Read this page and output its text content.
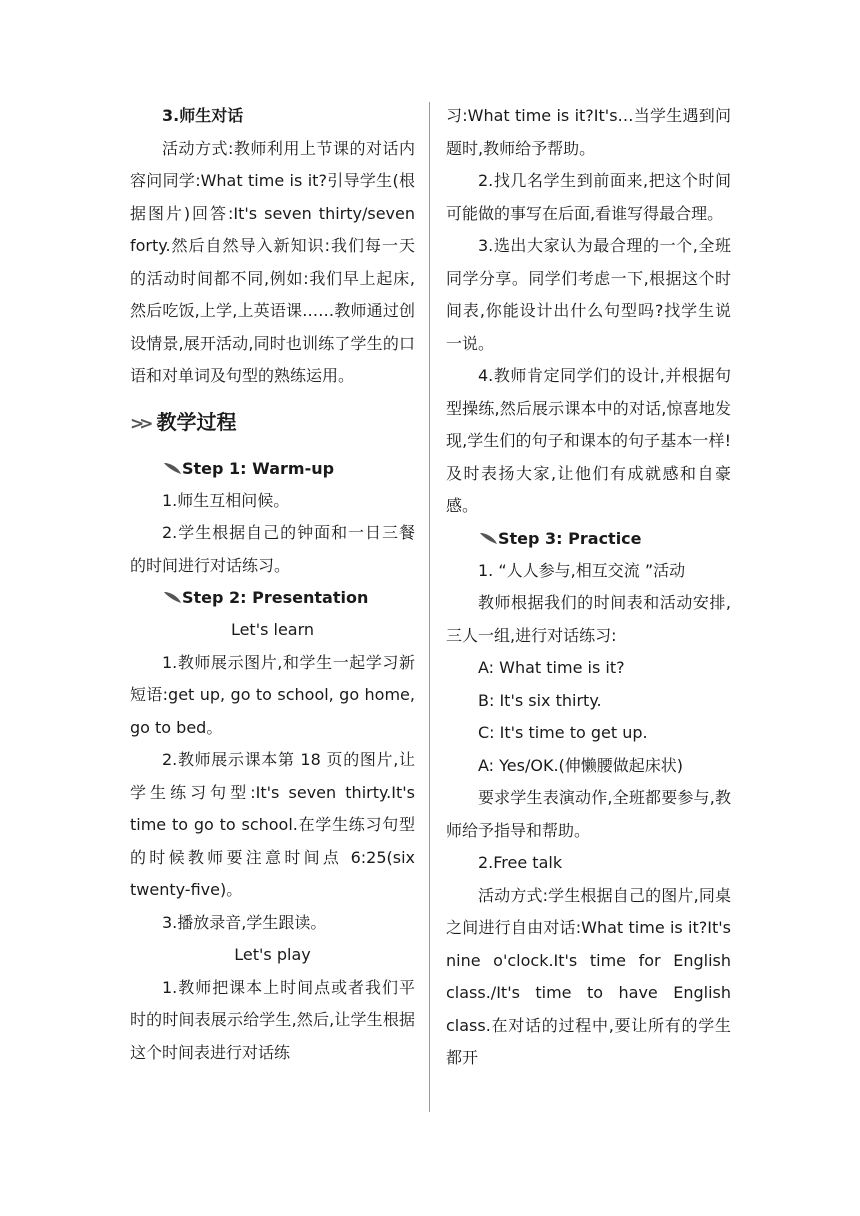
3.师生对话

活动方式:教师利用上节课的对话内容问同学:What time is it?引导学生(根据图片)回答:It's seven thirty/seven forty.然后自然导入新知识:我们每一天的活动时间都不同,例如:我们早上起床,然后吃饭,上学,上英语课……教师通过创设情景,展开活动,同时也训练了学生的口语和对单词及句型的熟练运用。

>> 教学过程
Step 1: Warm-up

1.师生互相问候。

2.学生根据自己的钟面和一日三餐的时间进行对话练习。

Step 2: Presentation

Let's learn

1.教师展示图片,和学生一起学习新短语:get up, go to school, go home, go to bed。

2.教师展示课本第 18 页的图片,让学生练习句型:It's seven thirty.It's time to go to school.在学生练习句型的时候教师要注意时间点 6:25(six twenty-five)。

3.播放录音,学生跟读。

Let's play

1.教师把课本上时间点或者我们平时的时间表展示给学生,然后,让学生根据这个时间表进行对话练

习:What time is it?It's…当学生遇到问题时,教师给予帮助。

2.找几名学生到前面来,把这个时间可能做的事写在后面,看谁写得最合理。

3.选出大家认为最合理的一个,全班同学分享。同学们考虑一下,根据这个时间表,你能设计出什么句型吗?找学生说一说。

4.教师肯定同学们的设计,并根据句型操练,然后展示课本中的对话,惊喜地发现,学生们的句子和课本的句子基本一样!及时表扬大家,让他们有成就感和自豪感。

Step 3: Practice

1. “人人参与,相互交流 ”活动

教师根据我们的时间表和活动安排,三人一组,进行对话练习:

A: What time is it?

B: It's six thirty.

C: It's time to get up.

A: Yes/OK.(伸懒腰做起床状)

要求学生表演动作,全班都要参与,教师给予指导和帮助。

2.Free talk

活动方式:学生根据自己的图片,同桌之间进行自由对话:What time is it?It's nine o'clock.It's time for English class./It's time to have English class.在对话的过程中,要让所有的学生都开
